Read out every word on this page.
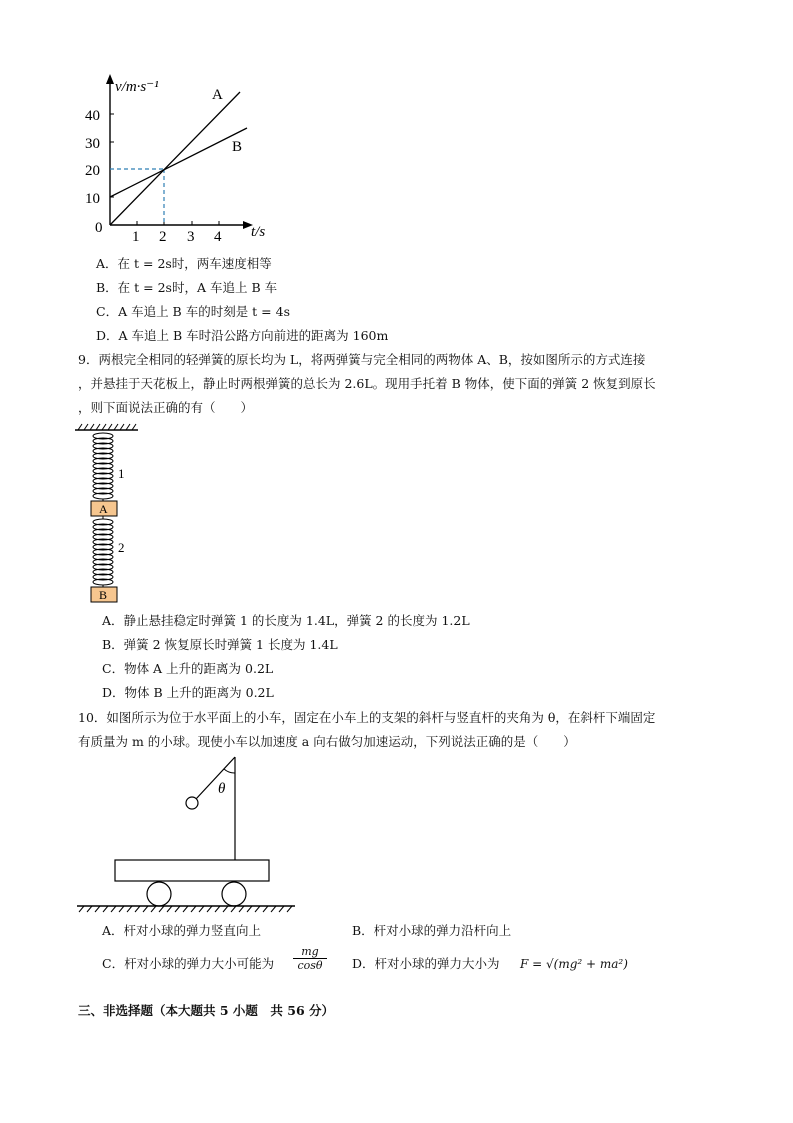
v/m·s⁻¹
t/s
40
30
20
10
0
1 2 3 4
A
B
A．在 t = 2s时，两车速度相等
B．在 t = 2s时，A 车追上 B 车
C．A 车追上 B 车的时刻是 t = 4s
D．A 车追上 B 车时沿公路方向前进的距离为 160m
9．两根完全相同的轻弹簧的原长均为 L，将两弹簧与完全相同的两物体 A、B，按如图所示的方式连接
，并悬挂于天花板上，静止时两根弹簧的总长为 2.6L。现用手托着 B 物体，使下面的弹簧 2 恢复到原长
，则下面说法正确的有（　　）
1
A
2
B
A．静止悬挂稳定时弹簧 1 的长度为 1.4L，弹簧 2 的长度为 1.2L
B．弹簧 2 恢复原长时弹簧 1 长度为 1.4L
C．物体 A 上升的距离为 0.2L
D．物体 B 上升的距离为 0.2L
10．如图所示为位于水平面上的小车，固定在小车上的支架的斜杆与竖直杆的夹角为 θ，在斜杆下端固定
有质量为 m 的小球。现使小车以加速度 a 向右做匀加速运动，下列说法正确的是（　　）
θ
A．杆对小球的弹力竖直向上	B．杆对小球的弹力沿杆向上
C．杆对小球的弹力大小可能为 $\frac{mg}{\cos\theta}$ D．杆对小球的弹力大小为 F = √(mg² + ma²)
三、非选择题（本大题共 5 小题　共 56 分）
